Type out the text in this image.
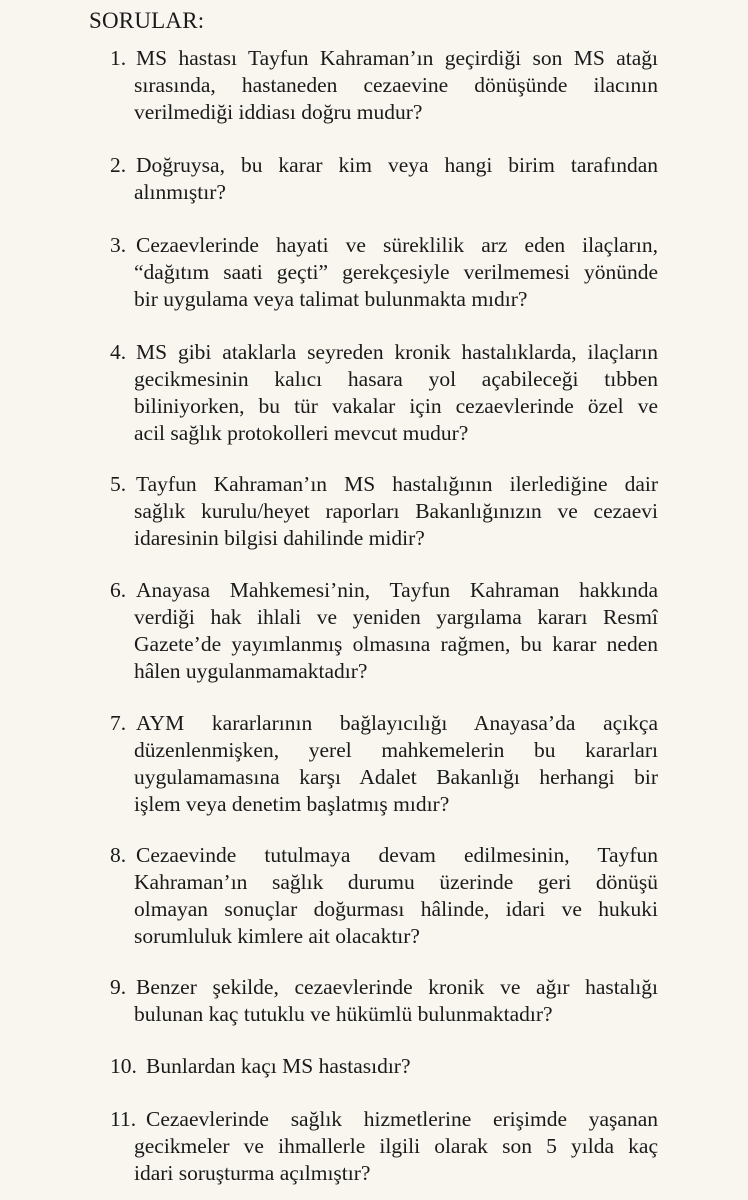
SORULAR:
1. MS hastası Tayfun Kahraman’ın geçirdiği son MS atağı
sırasında, hastaneden cezaevine dönüşünde ilacının
verilmediği iddiası doğru mudur?
2. Doğruysa, bu karar kim veya hangi birim tarafından
alınmıştır?
3. Cezaevlerinde hayati ve süreklilik arz eden ilaçların,
“dağıtım saati geçti” gerekçesiyle verilmemesi yönünde
bir uygulama veya talimat bulunmakta mıdır?
4. MS gibi ataklarla seyreden kronik hastalıklarda, ilaçların
gecikmesinin kalıcı hasara yol açabileceği tıbben
biliniyorken, bu tür vakalar için cezaevlerinde özel ve
acil sağlık protokolleri mevcut mudur?
5. Tayfun Kahraman’ın MS hastalığının ilerlediğine dair
sağlık kurulu/heyet raporları Bakanlığınızın ve cezaevi
idaresinin bilgisi dahilinde midir?
6. Anayasa Mahkemesi’nin, Tayfun Kahraman hakkında
verdiği hak ihlali ve yeniden yargılama kararı Resmî
Gazete’de yayımlanmış olmasına rağmen, bu karar neden
hâlen uygulanmamaktadır?
7. AYM kararlarının bağlayıcılığı Anayasa’da açıkça
düzenlenmişken, yerel mahkemelerin bu kararları
uygulamamasına karşı Adalet Bakanlığı herhangi bir
işlem veya denetim başlatmış mıdır?
8. Cezaevinde tutulmaya devam edilmesinin, Tayfun
Kahraman’ın sağlık durumu üzerinde geri dönüşü
olmayan sonuçlar doğurması hâlinde, idari ve hukuki
sorumluluk kimlere ait olacaktır?
9. Benzer şekilde, cezaevlerinde kronik ve ağır hastalığı
bulunan kaç tutuklu ve hükümlü bulunmaktadır?
10. Bunlardan kaçı MS hastasıdır?
11. Cezaevlerinde sağlık hizmetlerine erişimde yaşanan
gecikmeler ve ihmallerle ilgili olarak son 5 yılda kaç
idari soruşturma açılmıştır?
